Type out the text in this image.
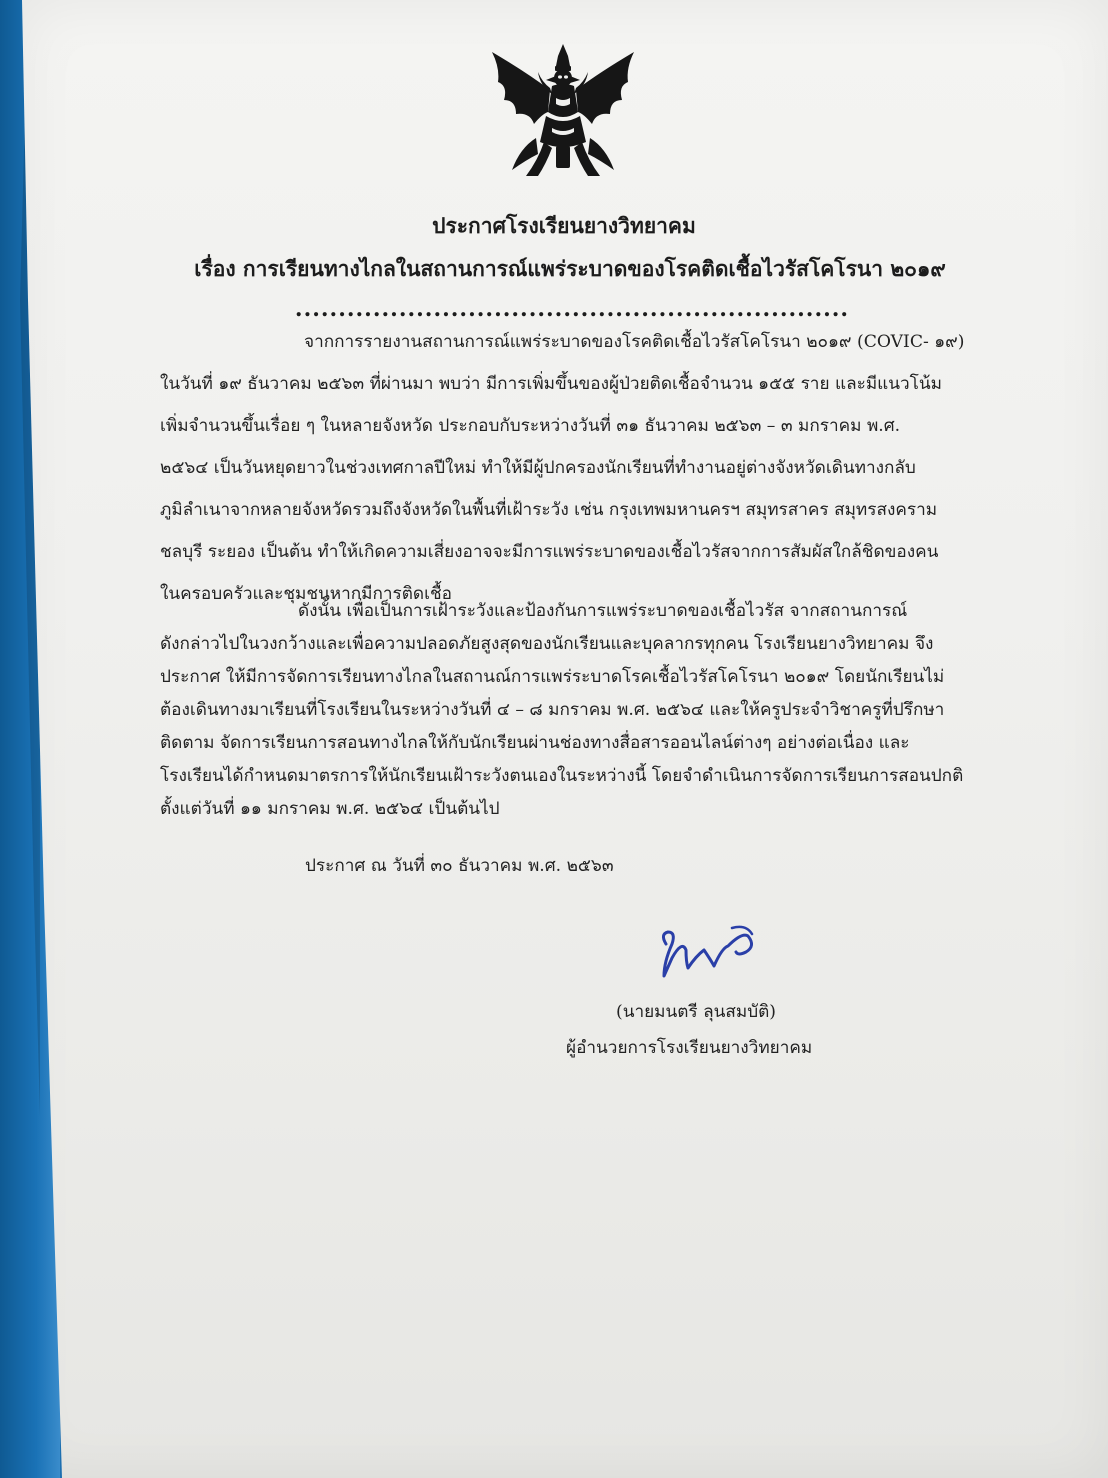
ประกาศโรงเรียนยางวิทยาคม
เรื่อง การเรียนทางไกลในสถานการณ์แพร่ระบาดของโรคติดเชื้อไวรัสโคโรนา ๒๐๑๙
................................................................
จากการรายงานสถานการณ์แพร่ระบาดของโรคติดเชื้อไวรัสโคโรนา ๒๐๑๙ (COVIC- ๑๙)
ในวันที่ ๑๙ ธันวาคม ๒๕๖๓ ที่ผ่านมา พบว่า มีการเพิ่มขึ้นของผู้ป่วยติดเชื้อจำนวน ๑๕๕ ราย และมีแนวโน้ม
เพิ่มจำนวนขึ้นเรื่อย ๆ ในหลายจังหวัด ประกอบกับระหว่างวันที่ ๓๑ ธันวาคม ๒๕๖๓ – ๓ มกราคม พ.ศ.
๒๕๖๔ เป็นวันหยุดยาวในช่วงเทศกาลปีใหม่ ทำให้มีผู้ปกครองนักเรียนที่ทำงานอยู่ต่างจังหวัดเดินทางกลับ
ภูมิลำเนาจากหลายจังหวัดรวมถึงจังหวัดในพื้นที่เฝ้าระวัง เช่น กรุงเทพมหานครฯ สมุทรสาคร สมุทรสงคราม
ชลบุรี ระยอง เป็นต้น ทำให้เกิดความเสี่ยงอาจจะมีการแพร่ระบาดของเชื้อไวรัสจากการสัมผัสใกล้ชิดของคน
ในครอบครัวและชุมชนหากมีการติดเชื้อ
ดังนั้น เพื่อเป็นการเฝ้าระวังและป้องกันการแพร่ระบาดของเชื้อไวรัส จากสถานการณ์
ดังกล่าวไปในวงกว้างและเพื่อความปลอดภัยสูงสุดของนักเรียนและบุคลากรทุกคน โรงเรียนยางวิทยาคม จึง
ประกาศ ให้มีการจัดการเรียนทางไกลในสถานณ์การแพร่ระบาดโรคเชื้อไวรัสโคโรนา ๒๐๑๙ โดยนักเรียนไม่
ต้องเดินทางมาเรียนที่โรงเรียนในระหว่างวันที่ ๔ – ๘ มกราคม พ.ศ. ๒๕๖๔ และให้ครูประจำวิชาครูที่ปรึกษา
ติดตาม จัดการเรียนการสอนทางไกลให้กับนักเรียนผ่านช่องทางสื่อสารออนไลน์ต่างๆ อย่างต่อเนื่อง และ
โรงเรียนได้กำหนดมาตรการให้นักเรียนเฝ้าระวังตนเองในระหว่างนี้ โดยจำดำเนินการจัดการเรียนการสอนปกติ
ตั้งแต่วันที่ ๑๑ มกราคม พ.ศ. ๒๕๖๔ เป็นต้นไป
ประกาศ ณ วันที่ ๓๐ ธันวาคม พ.ศ. ๒๕๖๓
(นายมนตรี ลุนสมบัติ)
ผู้อำนวยการโรงเรียนยางวิทยาคม
